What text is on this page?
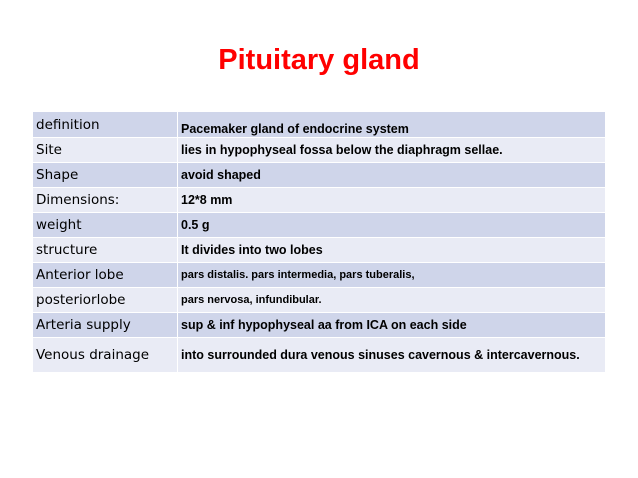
Pituitary gland
definition	Pacemaker gland of endocrine system
Site	lies in hypophyseal fossa below the diaphragm sellae.
Shape	avoid shaped
Dimensions:	12*8 mm
weight	0.5 g
structure	It divides into two lobes
Anterior lobe	pars distalis. pars intermedia, pars tuberalis,
posteriorlobe	pars nervosa, infundibular.
Arteria supply	sup & inf hypophyseal aa from ICA on each side
Venous drainage	into surrounded dura venous sinuses cavernous & intercavernous.
